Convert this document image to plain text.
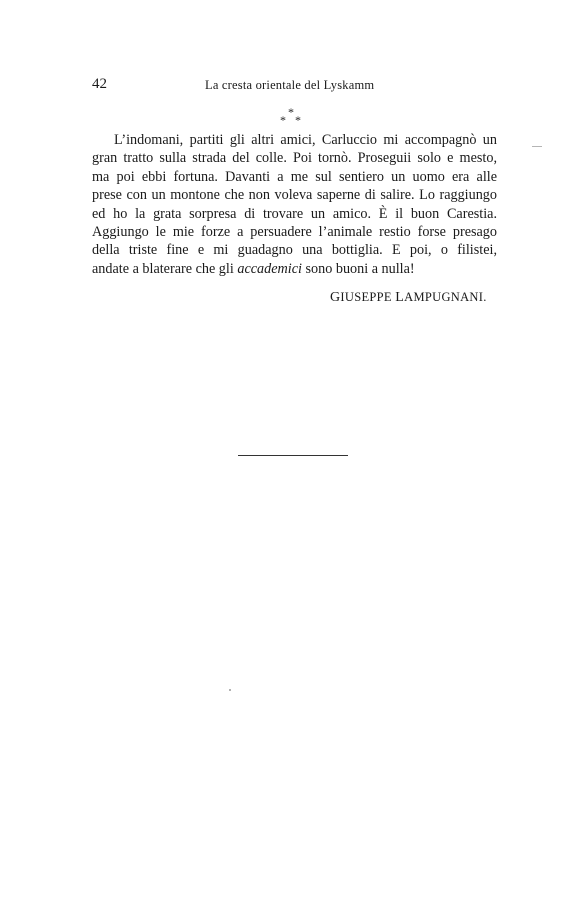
42	La cresta orientale del Lyskamm
*
* *
L’indomani, partiti gli altri amici, Carluccio mi accompagnò un
gran tratto sulla strada del colle. Poi tornò. Proseguii solo e mesto,
ma poi ebbi fortuna. Davanti a me sul sentiero un uomo era alle
prese con un montone che non voleva saperne di salire. Lo raggiungo
ed ho la grata sorpresa di trovare un amico. È il buon Carestia.
Aggiungo le mie forze a persuadere l’animale restio forse presago
della triste fine e mi guadagno una bottiglia. E poi, o filistei,
andate a blaterare che gli accademici sono buoni a nulla!
GIUSEPPE LAMPUGNANI.
